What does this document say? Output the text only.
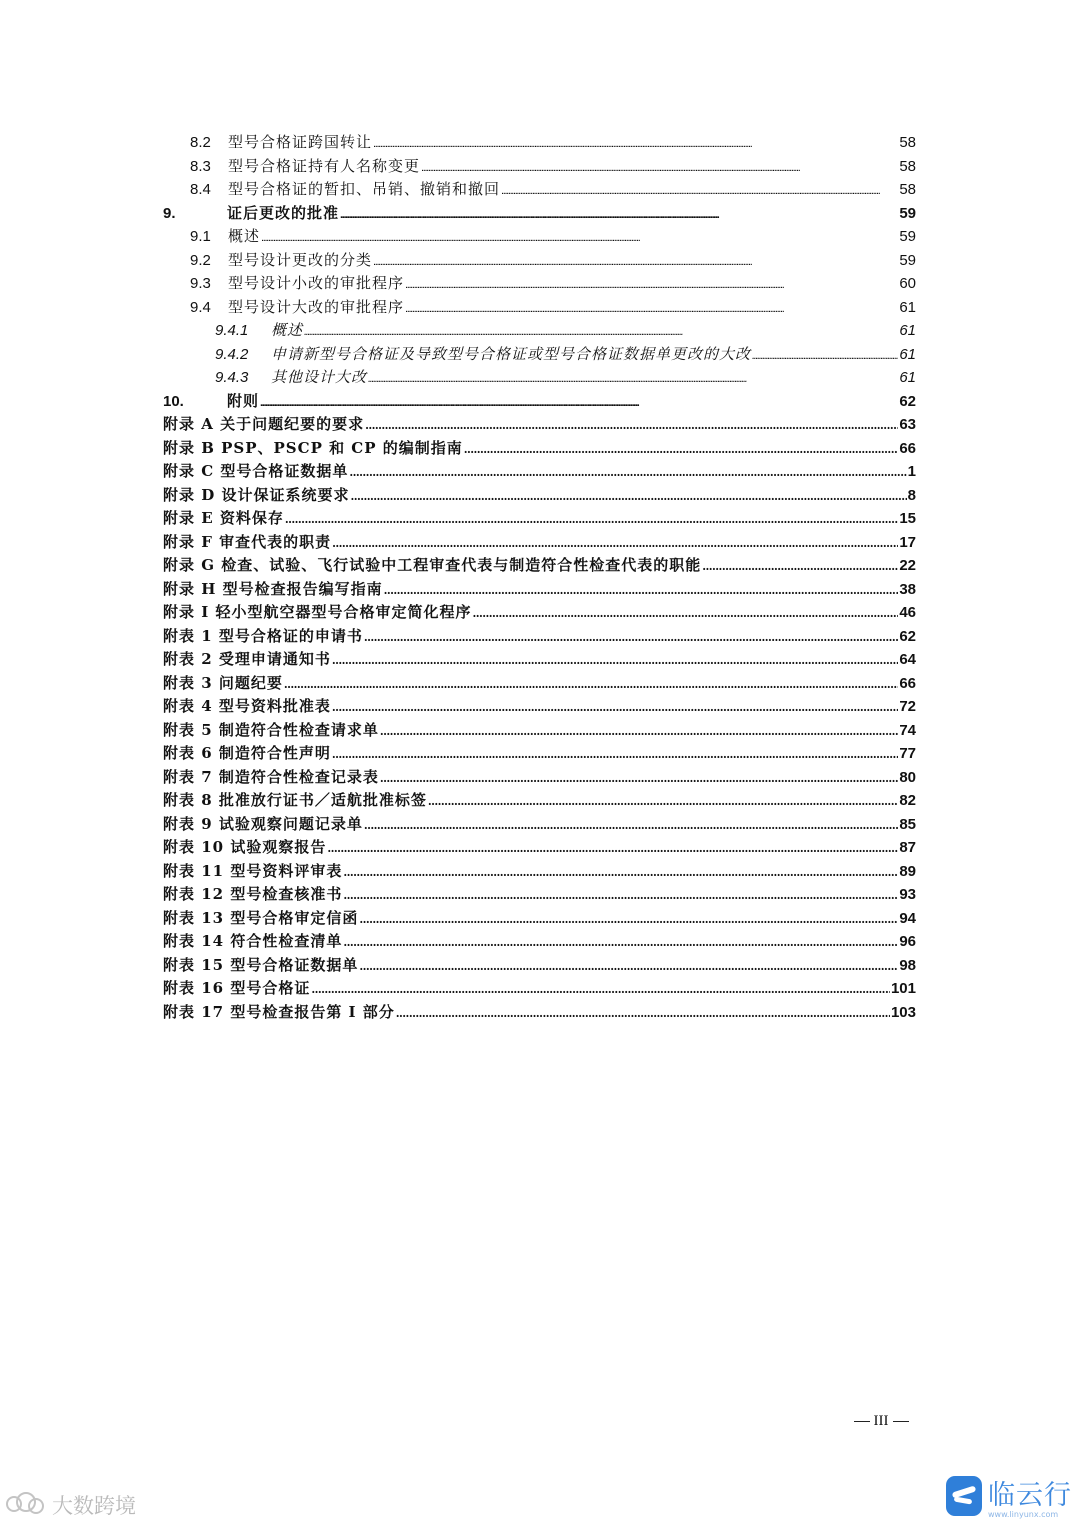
8.2	型号合格证跨国转让 . . .	58
8.3	型号合格证持有人名称变更 . . .	58
8.4	型号合格证的暂扣、吊销、撤销和撤回 . . .	58
9.	证后更改的批准 . . .	59
9.1	概述 . . .	59
9.2	型号设计更改的分类 . . .	59
9.3	型号设计小改的审批程序 . . .	60
9.4	型号设计大改的审批程序 . . .	61
9.4.1	概述 . . .	61
9.4.2	申请新型号合格证及导致型号合格证或型号合格证数据单更改的大改 . . .	61
9.4.3	其他设计大改 . . .	61
10.	附则 . . .	62
附录 A 关于问题纪要的要求 . . .	63
附录 B PSP、PSCP 和 CP 的编制指南 . . .	66
附录 C 型号合格证数据单 . . .	1
附录 D 设计保证系统要求 . . .	8
附录 E 资料保存 . . .	15
附录 F 审查代表的职责 . . .	17
附录 G 检查、试验、飞行试验中工程审查代表与制造符合性检查代表的职能 . . .	22
附录 H 型号检查报告编写指南 . . .	38
附录 I 轻小型航空器型号合格审定简化程序 . . .	46
附表 1 型号合格证的申请书 . . .	62
附表 2 受理申请通知书 . . .	64
附表 3 问题纪要 . . .	66
附表 4 型号资料批准表 . . .	72
附表 5 制造符合性检查请求单 . . .	74
附表 6 制造符合性声明 . . .	77
附表 7 制造符合性检查记录表 . . .	80
附表 8 批准放行证书／适航批准标签 . . .	82
附表 9 试验观察问题记录单 . . .	85
附表 10 试验观察报告 . . .	87
附表 11 型号资料评审表 . . .	89
附表 12 型号检查核准书 . . .	93
附表 13 型号合格审定信函 . . .	94
附表 14 符合性检查清单 . . .	96
附表 15 型号合格证数据单 . . .	98
附表 16 型号合格证 . . .	101
附表 17 型号检查报告第 I 部分 . . .	103
III
大数跨境	临云行
www.linyunx.com
